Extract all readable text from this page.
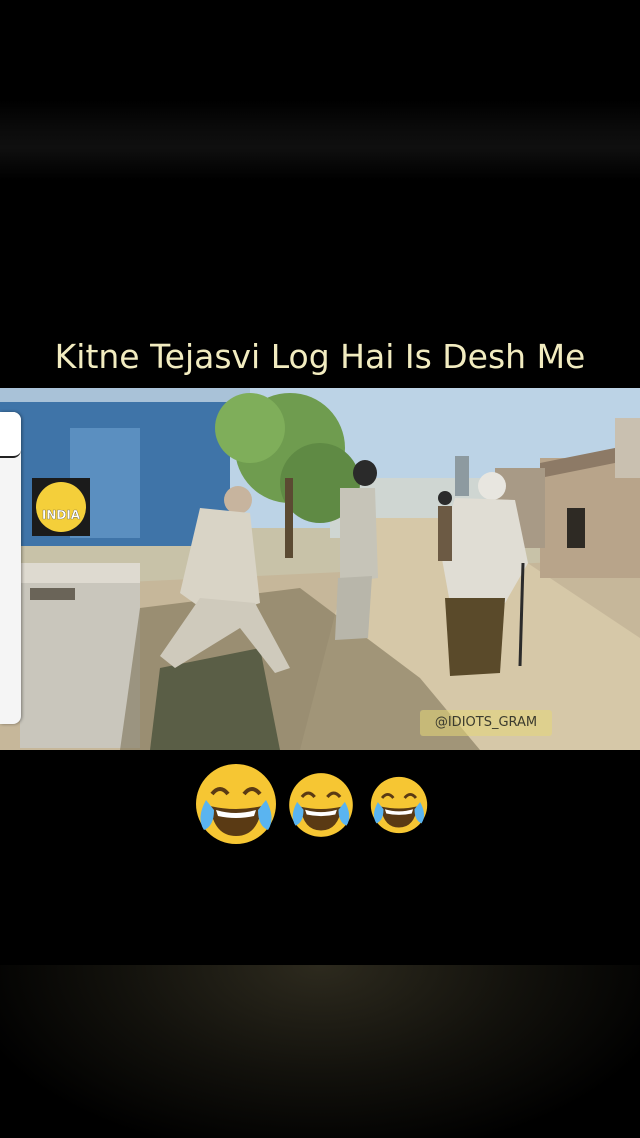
Kitne Tejasvi Log Hai Is Desh Me
INDIA
@IDIOTS_GRAM
